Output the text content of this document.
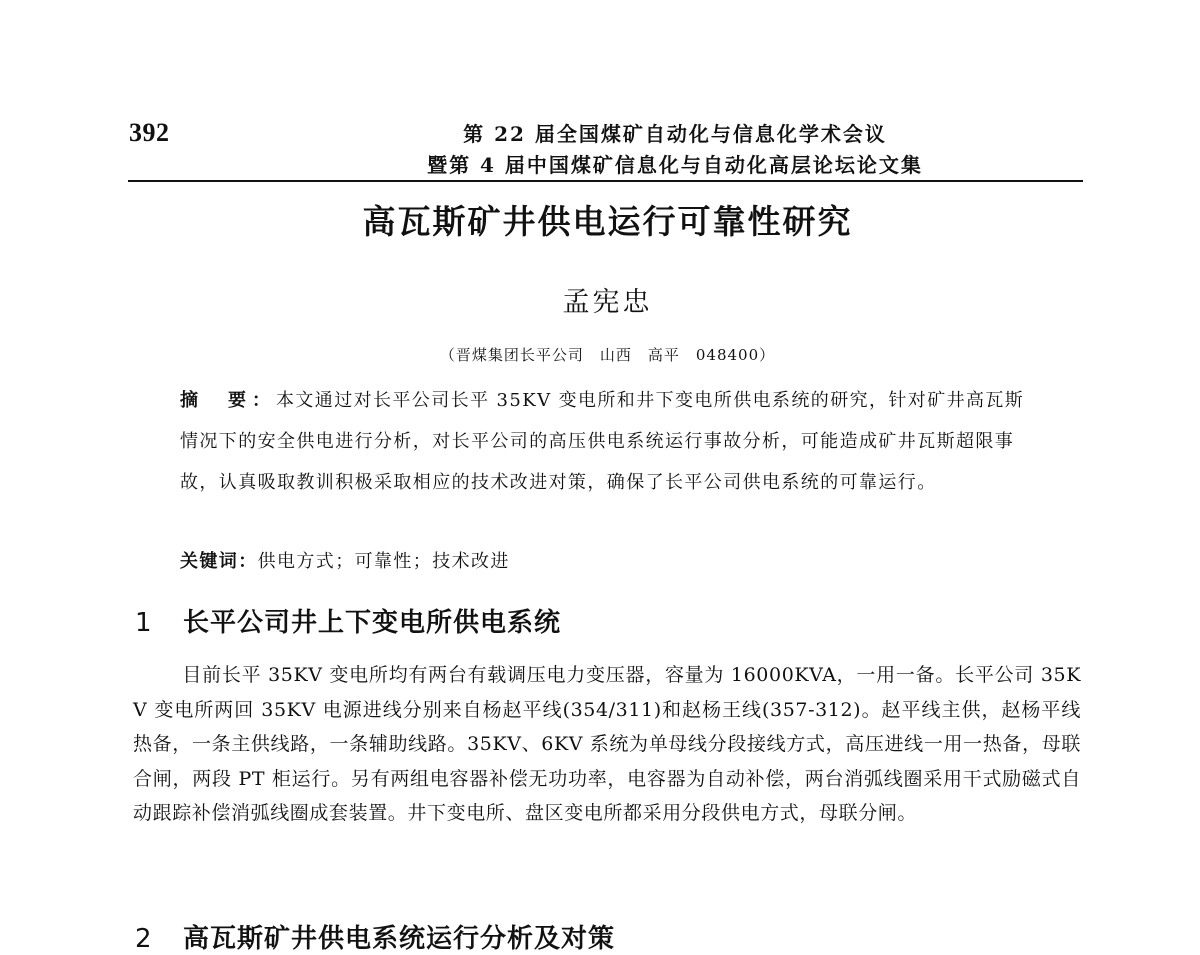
392	第 22 届全国煤矿自动化与信息化学术会议
暨第 4 届中国煤矿信息化与自动化高层论坛论文集
高瓦斯矿井供电运行可靠性研究
孟宪忠
（晋煤集团长平公司　山西　高平　048400）
摘　要：本文通过对长平公司长平 35KV 变电所和井下变电所供电系统的研究，针对矿井高瓦斯情况下的安全供电进行分析，对长平公司的高压供电系统运行事故分析，可能造成矿井瓦斯超限事故，认真吸取教训积极采取相应的技术改进对策，确保了长平公司供电系统的可靠运行。
关键词：供电方式；可靠性；技术改进
1 长平公司井上下变电所供电系统
目前长平 35KV 变电所均有两台有载调压电力变压器，容量为 16000KVA，一用一备。长平公司 35KV 变电所两回 35KV 电源进线分别来自杨赵平线(354/311)和赵杨王线(357-312)。赵平线主供，赵杨平线热备，一条主供线路，一条辅助线路。35KV、6KV 系统为单母线分段接线方式，高压进线一用一热备，母联合闸，两段 PT 柜运行。另有两组电容器补偿无功功率，电容器为自动补偿，两台消弧线圈采用干式励磁式自动跟踪补偿消弧线圈成套装置。井下变电所、盘区变电所都采用分段供电方式，母联分闸。
2 高瓦斯矿井供电系统运行分析及对策
